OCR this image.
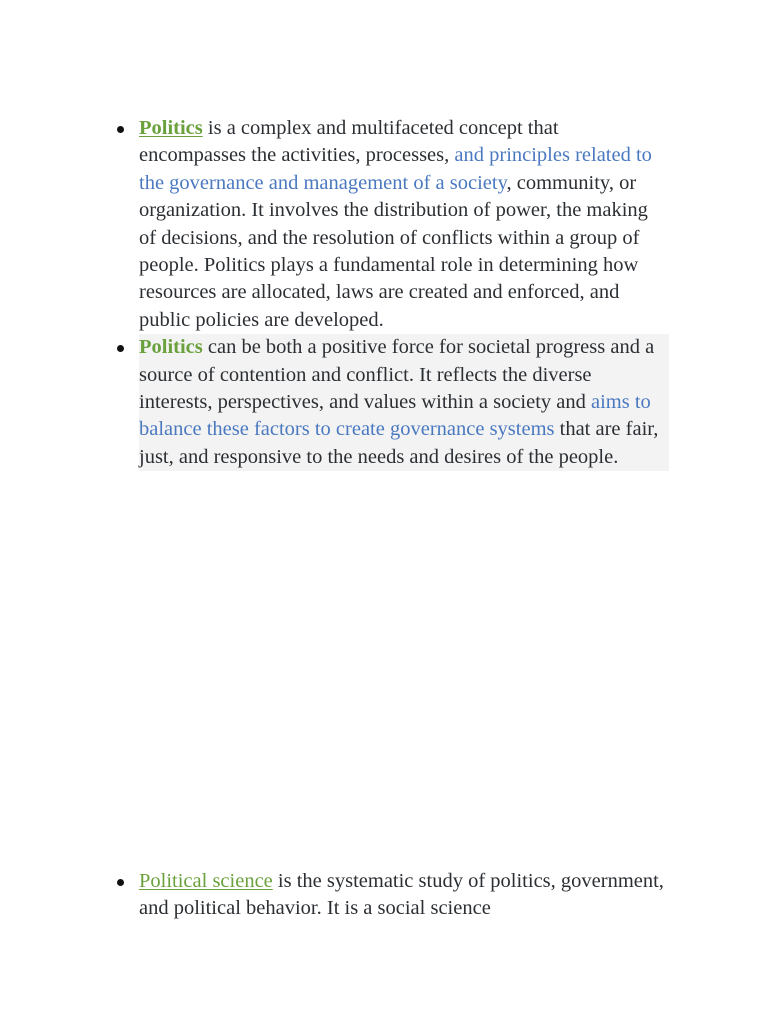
Politics is a complex and multifaceted concept that encompasses the activities, processes, and principles related to the governance and management of a society, community, or organization. It involves the distribution of power, the making of decisions, and the resolution of conflicts within a group of people. Politics plays a fundamental role in determining how resources are allocated, laws are created and enforced, and public policies are developed.
Politics can be both a positive force for societal progress and a source of contention and conflict. It reflects the diverse interests, perspectives, and values within a society and aims to balance these factors to create governance systems that are fair, just, and responsive to the needs and desires of the people.
Political science is the systematic study of politics, government, and political behavior. It is a social science
